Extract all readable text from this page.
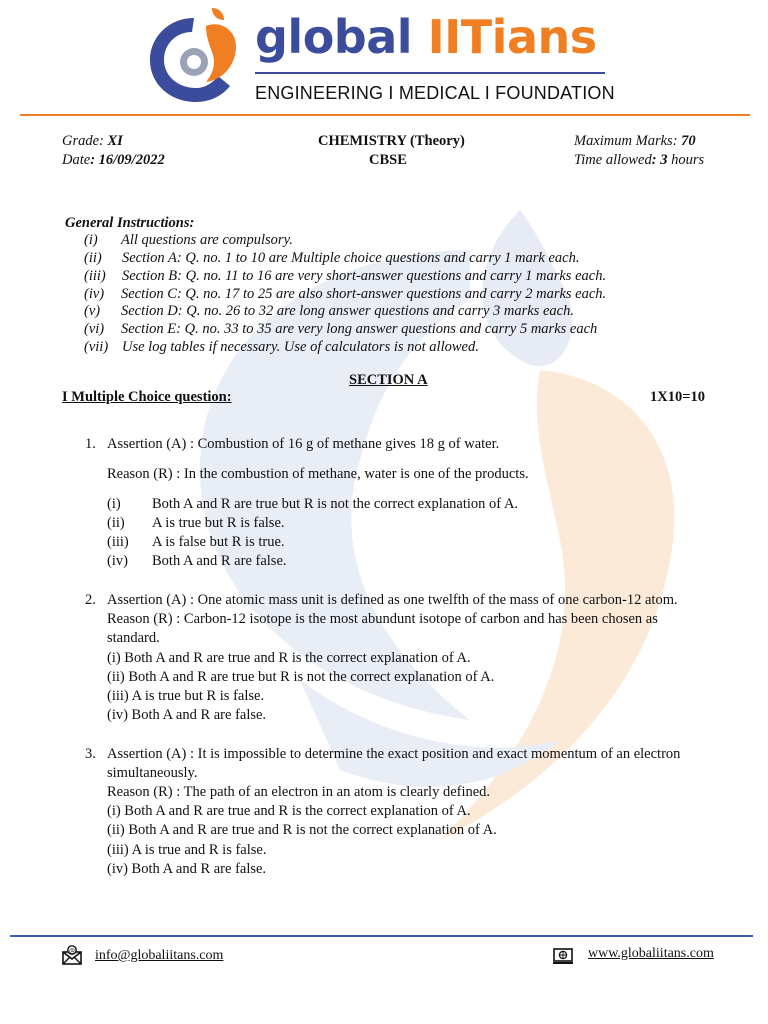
global IITians
ENGINEERING I MEDICAL I FOUNDATION
Grade: XI
Date: 16/09/2022
CHEMISTRY (Theory)
CBSE
Maximum Marks: 70
Time allowed: 3 hours
General Instructions:
(i) All questions are compulsory.
(ii) Section A: Q. no. 1 to 10 are Multiple choice questions and carry 1 mark each.
(iii) Section B: Q. no. 11 to 16 are very short-answer questions and carry 1 marks each.
(iv) Section C: Q. no. 17 to 25 are also short-answer questions and carry 2 marks each.
(v) Section D: Q. no. 26 to 32 are long answer questions and carry 3 marks each.
(vi) Section E: Q. no. 33 to 35 are very long answer questions and carry 5 marks each
(vii) Use log tables if necessary. Use of calculators is not allowed.
SECTION A
I Multiple Choice question:	1X10=10
1. Assertion (A) : Combustion of 16 g of methane gives 18 g of water.
Reason (R) : In the combustion of methane, water is one of the products.
(i) Both A and R are true but R is not the correct explanation of A.
(ii) A is true but R is false.
(iii) A is false but R is true.
(iv) Both A and R are false.
2. Assertion (A) : One atomic mass unit is defined as one twelfth of the mass of one carbon-12 atom.
Reason (R) : Carbon-12 isotope is the most abundunt isotope of carbon and has been chosen as
standard.
(i) Both A and R are true and R is the correct explanation of A.
(ii) Both A and R are true but R is not the correct explanation of A.
(iii) A is true but R is false.
(iv) Both A and R are false.
3. Assertion (A) : It is impossible to determine the exact position and exact momentum of an electron
simultaneously.
Reason (R) : The path of an electron in an atom is clearly defined.
(i) Both A and R are true and R is the correct explanation of A.
(ii) Both A and R are true and R is not the correct explanation of A.
(iii) A is true and R is false.
(iv) Both A and R are false.
@ info@globaliitans.com	www.globaliitans.com
